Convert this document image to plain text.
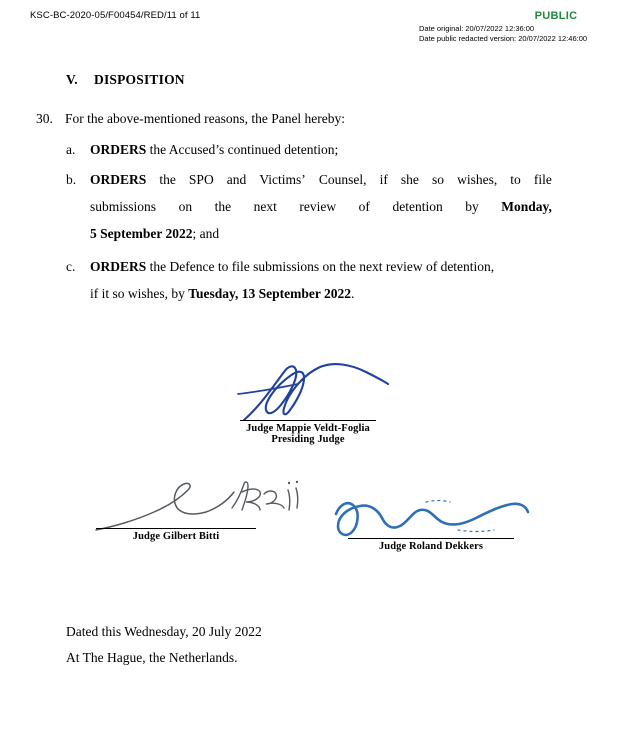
KSC-BC-2020-05/F00454/RED/11 of 11	PUBLIC
Date original: 20/07/2022 12:36:00
Date public redacted version: 20/07/2022 12:46:00
V. DISPOSITION
30. For the above-mentioned reasons, the Panel hereby:
a.	ORDERS the Accused’s continued detention;
b.	ORDERS the SPO and Victims’ Counsel, if she so wishes, to file
submissions on the next review of detention by Monday,
5 September 2022; and
c.	ORDERS the Defence to file submissions on the next review of detention,
if it so wishes, by Tuesday, 13 September 2022.
Judge Mappie Veldt-Foglia
Presiding Judge
Judge Gilbert Bitti
Judge Roland Dekkers
Dated this Wednesday, 20 July 2022
At The Hague, the Netherlands.
